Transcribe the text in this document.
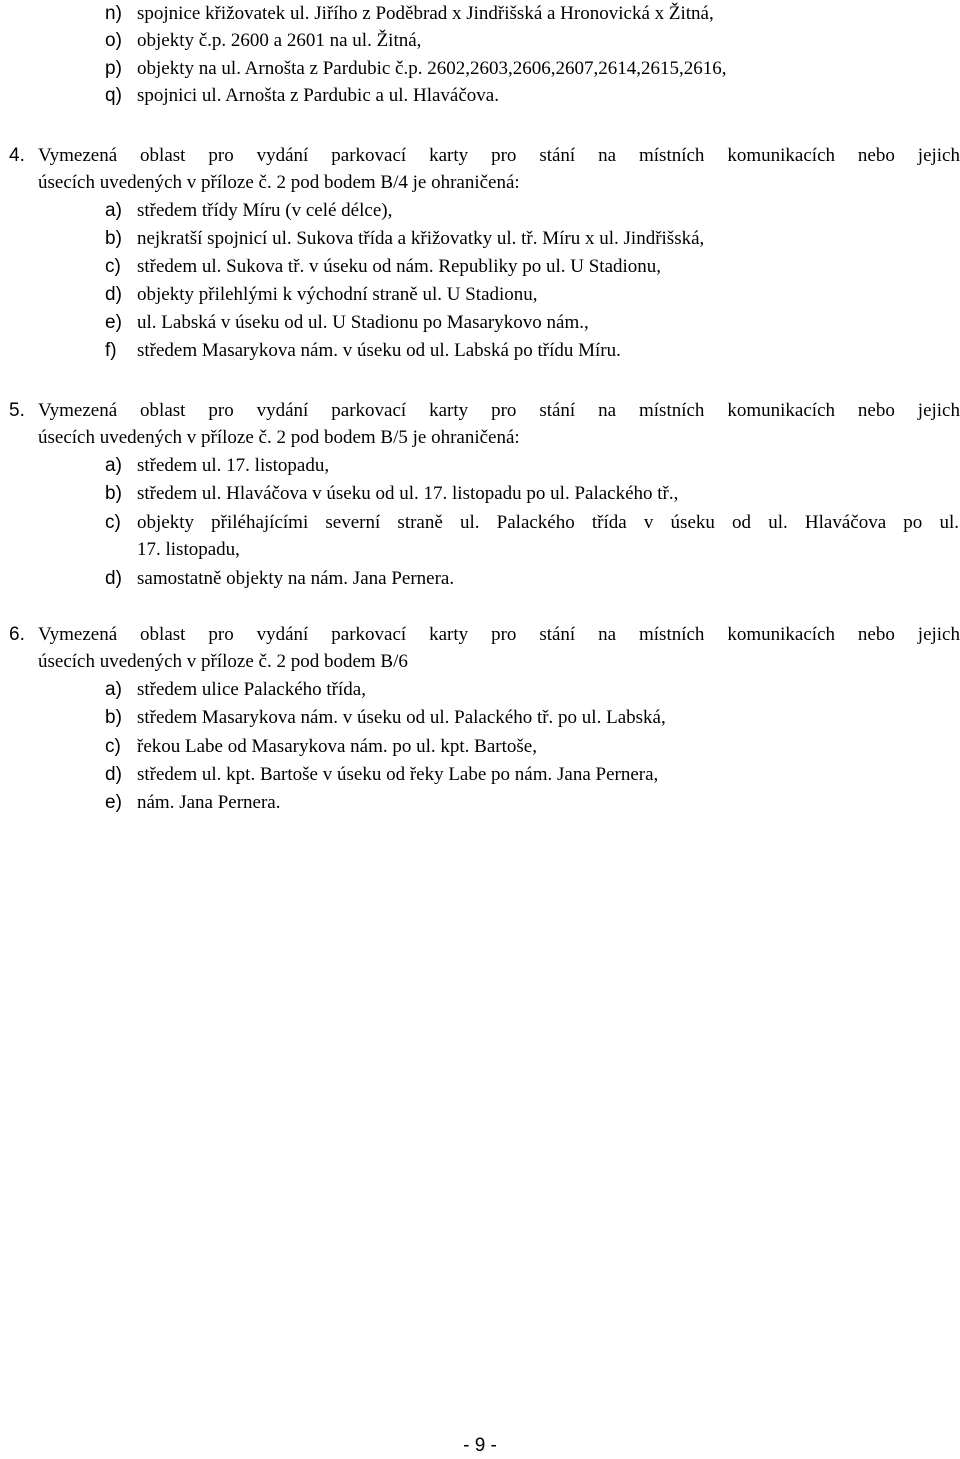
n) spojnice křižovatek ul. Jiřího z Poděbrad x Jindřišská a Hronovická x Žitná,
o) objekty č.p. 2600 a 2601 na ul. Žitná,
p) objekty na ul. Arnošta z Pardubic č.p. 2602,2603,2606,2607,2614,2615,2616,
q) spojnici ul. Arnošta z Pardubic a ul. Hlaváčova.
4. Vymezená oblast pro vydání parkovací karty pro stání na místních komunikacích nebo jejich
úsecích uvedených v příloze č. 2 pod bodem B/4 je ohraničená:
a) středem třídy Míru (v celé délce),
b) nejkratší spojnicí ul. Sukova třída a křižovatky ul. tř. Míru x ul. Jindřišská,
c) středem ul. Sukova tř. v úseku od nám. Republiky po ul. U Stadionu,
d) objekty přilehlými k východní straně ul. U Stadionu,
e) ul. Labská v úseku od ul. U Stadionu po Masarykovo nám.,
f) středem Masarykova nám. v úseku od ul. Labská po třídu Míru.
5. Vymezená oblast pro vydání parkovací karty pro stání na místních komunikacích nebo jejich
úsecích uvedených v příloze č. 2 pod bodem B/5 je ohraničená:
a) středem ul. 17. listopadu,
b) středem ul. Hlaváčova v úseku od ul. 17. listopadu po ul. Palackého tř.,
c) objekty přiléhajícími severní straně ul. Palackého třída v úseku od ul. Hlaváčova po ul.
17. listopadu,
d) samostatně objekty na nám. Jana Pernera.
6. Vymezená oblast pro vydání parkovací karty pro stání na místních komunikacích nebo jejich
úsecích uvedených v příloze č. 2 pod bodem B/6
a) středem ulice Palackého třída,
b) středem Masarykova nám. v úseku od ul. Palackého tř. po ul. Labská,
c) řekou Labe od Masarykova nám. po ul. kpt. Bartoše,
d) středem ul. kpt. Bartoše v úseku od řeky Labe po nám. Jana Pernera,
e) nám. Jana Pernera.
- 9 -
